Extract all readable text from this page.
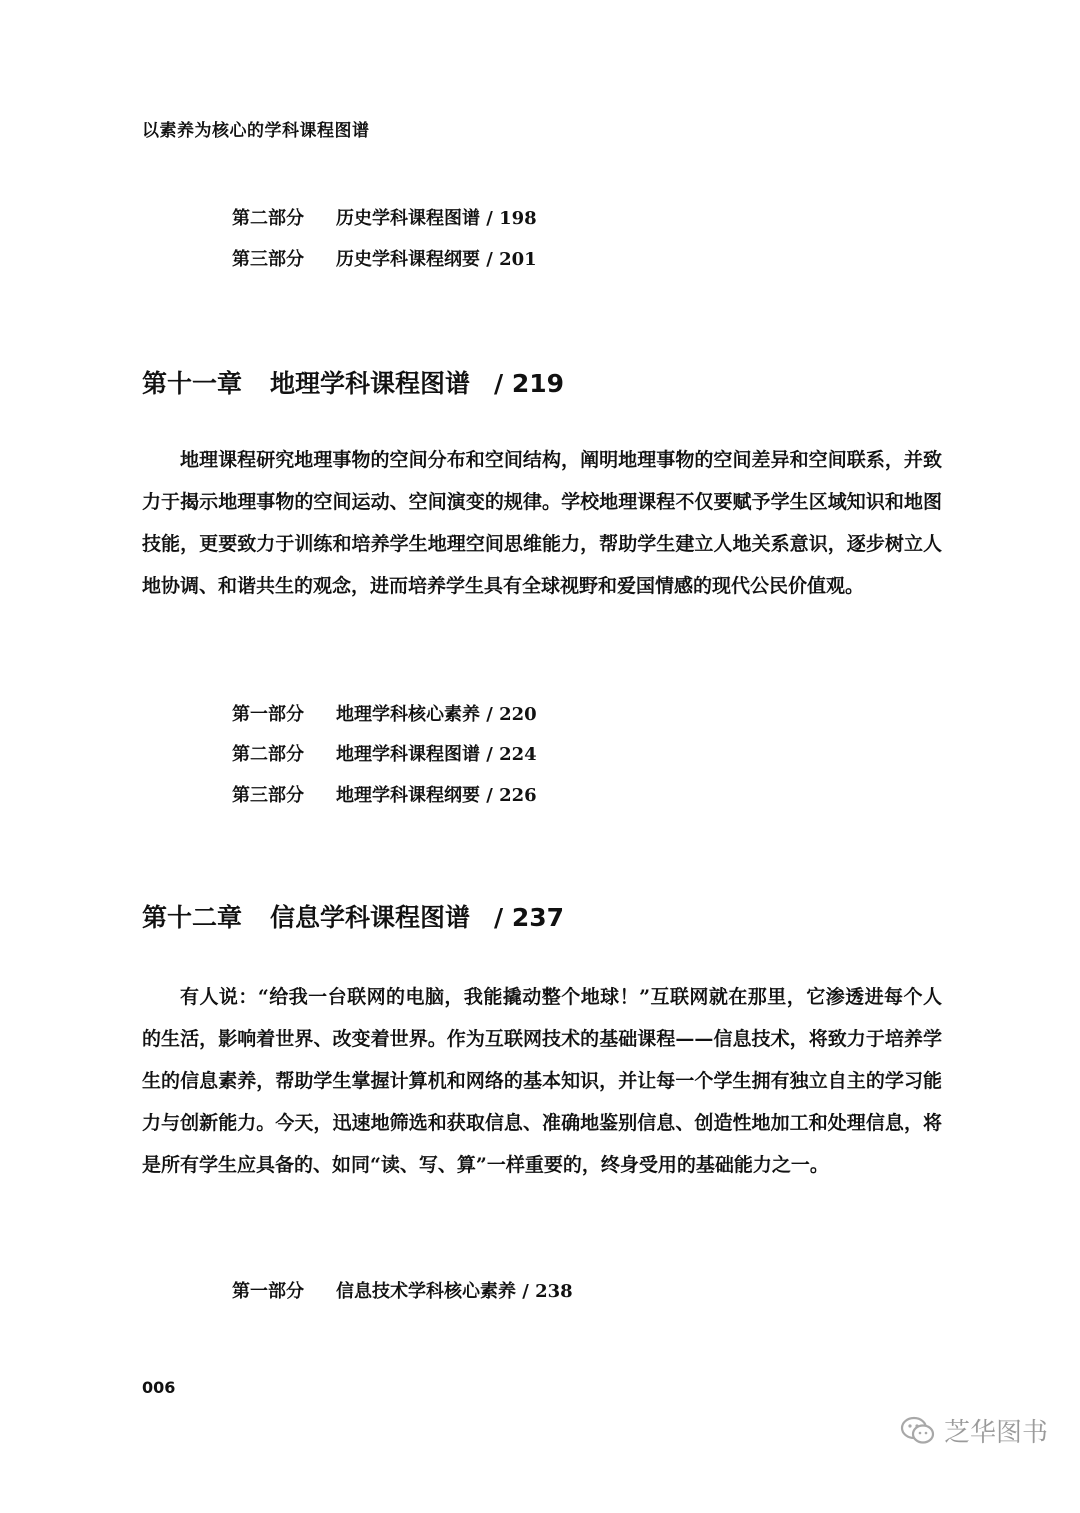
以素养为核心的学科课程图谱
第二部分 历史学科课程图谱 / 198
第三部分 历史学科课程纲要 / 201
第十一章 地理学科课程图谱 / 219

地理课程研究地理事物的空间分布和空间结构，阐明地理事物的空间差异和空间联系，并致力于揭示地理事物的空间运动、空间演变的规律。学校地理课程不仅要赋予学生区域知识和地图技能，更要致力于训练和培养学生地理空间思维能力，帮助学生建立人地关系意识，逐步树立人地协调、和谐共生的观念，进而培养学生具有全球视野和爱国情感的现代公民价值观。

第一部分 地理学科核心素养 / 220
第二部分 地理学科课程图谱 / 224
第三部分 地理学科课程纲要 / 226
第十二章 信息学科课程图谱 / 237

有人说：“给我一台联网的电脑，我能撬动整个地球！”互联网就在那里，它渗透进每个人的生活，影响着世界、改变着世界。作为互联网技术的基础课程——信息技术，将致力于培养学生的信息素养，帮助学生掌握计算机和网络的基本知识，并让每一个学生拥有独立自主的学习能力与创新能力。今天，迅速地筛选和获取信息、准确地鉴别信息、创造性地加工和处理信息，将是所有学生应具备的、如同“读、写、算”一样重要的，终身受用的基础能力之一。

第一部分 信息技术学科核心素养 / 238
006
芝华图书
